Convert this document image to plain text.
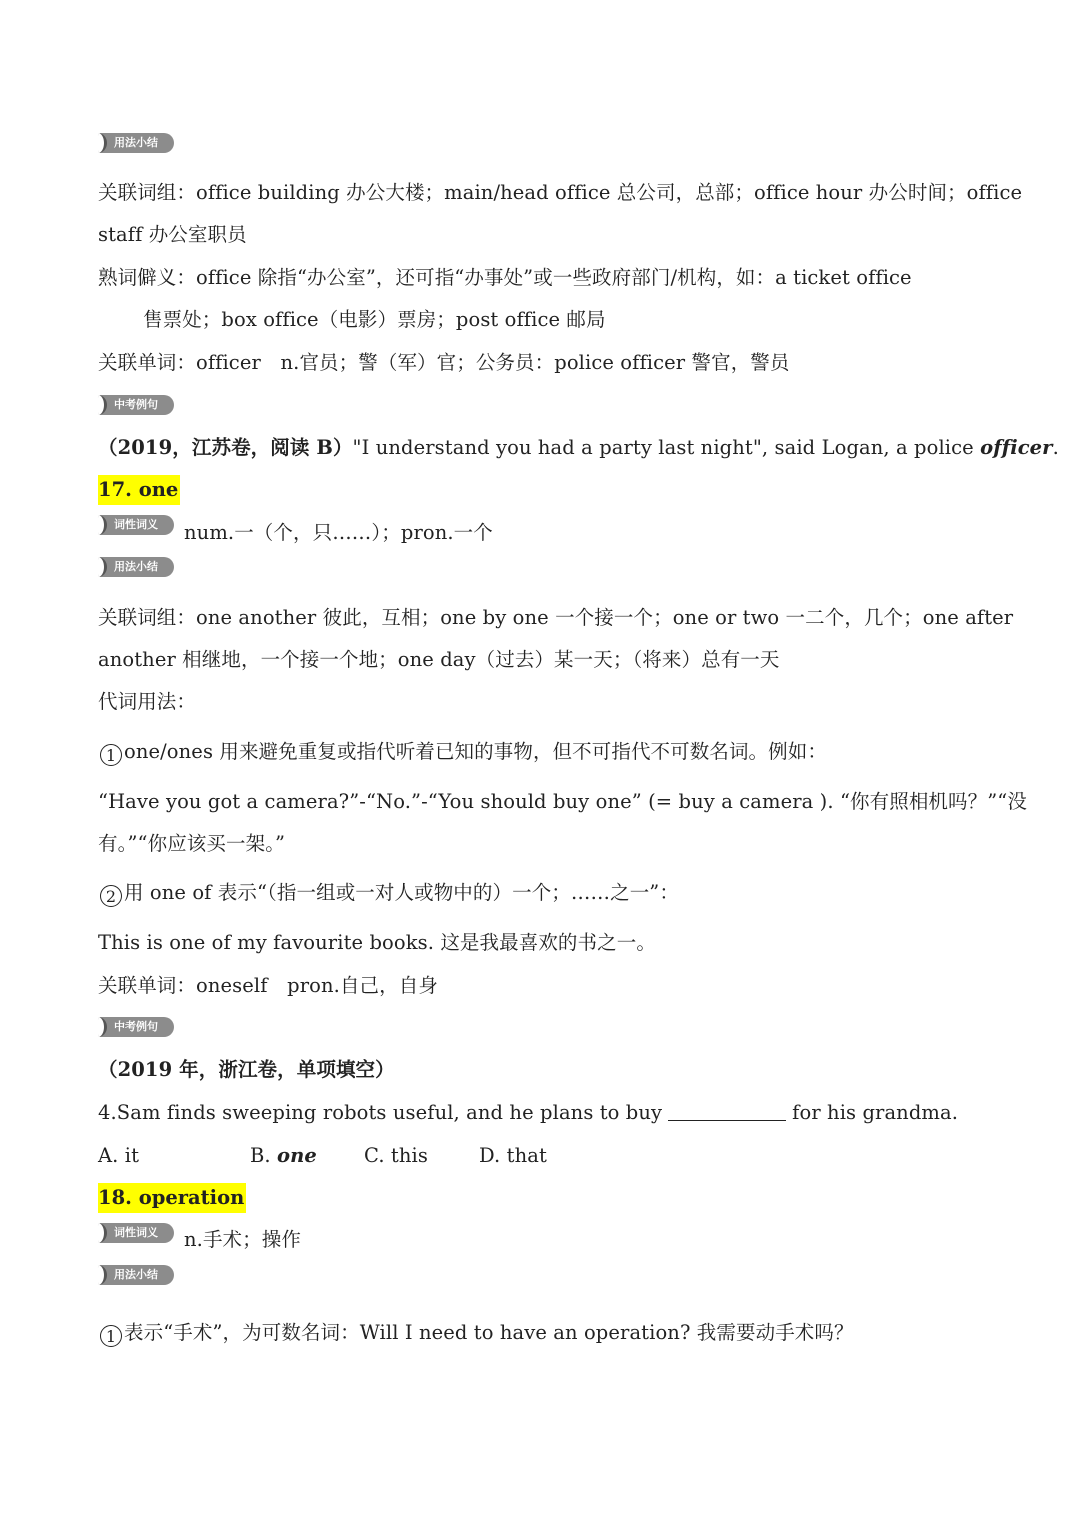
用法小结
关联词组：office building 办公大楼；main/head office 总公司，总部；office hour 办公时间；office
staff 办公室职员
熟词僻义：office 除指“办公室”，还可指“办事处”或一些政府部门/机构，如：a ticket office
售票处；box office（电影）票房；post office 邮局
关联单词：officer　n.官员；警（军）官；公务员：police officer 警官，警员
中考例句
（2019，江苏卷，阅读 B）"I understand you had a party last night", said Logan, a police officer.
17. one
词性词义	num.一（个，只……）；pron.一个
用法小结
关联词组：one another 彼此，互相；one by one 一个接一个；one or two 一二个，几个；one after
another 相继地，一个接一个地；one day（过去）某一天；（将来）总有一天
代词用法：
1 one/ones 用来避免重复或指代听着已知的事物，但不可指代不可数名词。例如：
“Have you got a camera?”-“No.”-“You should buy one” (= buy a camera ). “你有照相机吗？”“没
有。”“你应该买一架。”
2 用 one of 表示“（指一组或一对人或物中的）一个；……之一”：
This is one of my favourite books. 这是我最喜欢的书之一。
关联单词：oneself　pron.自己，自身
中考例句
（2019 年，浙江卷，单项填空）
4.Sam finds sweeping robots useful, and he plans to buy	for his grandma.
A. it	B. one C. this	D. that
18. operation
词性词义	n.手术；操作
用法小结
1 表示“手术”，为可数名词：Will I need to have an operation? 我需要动手术吗？
